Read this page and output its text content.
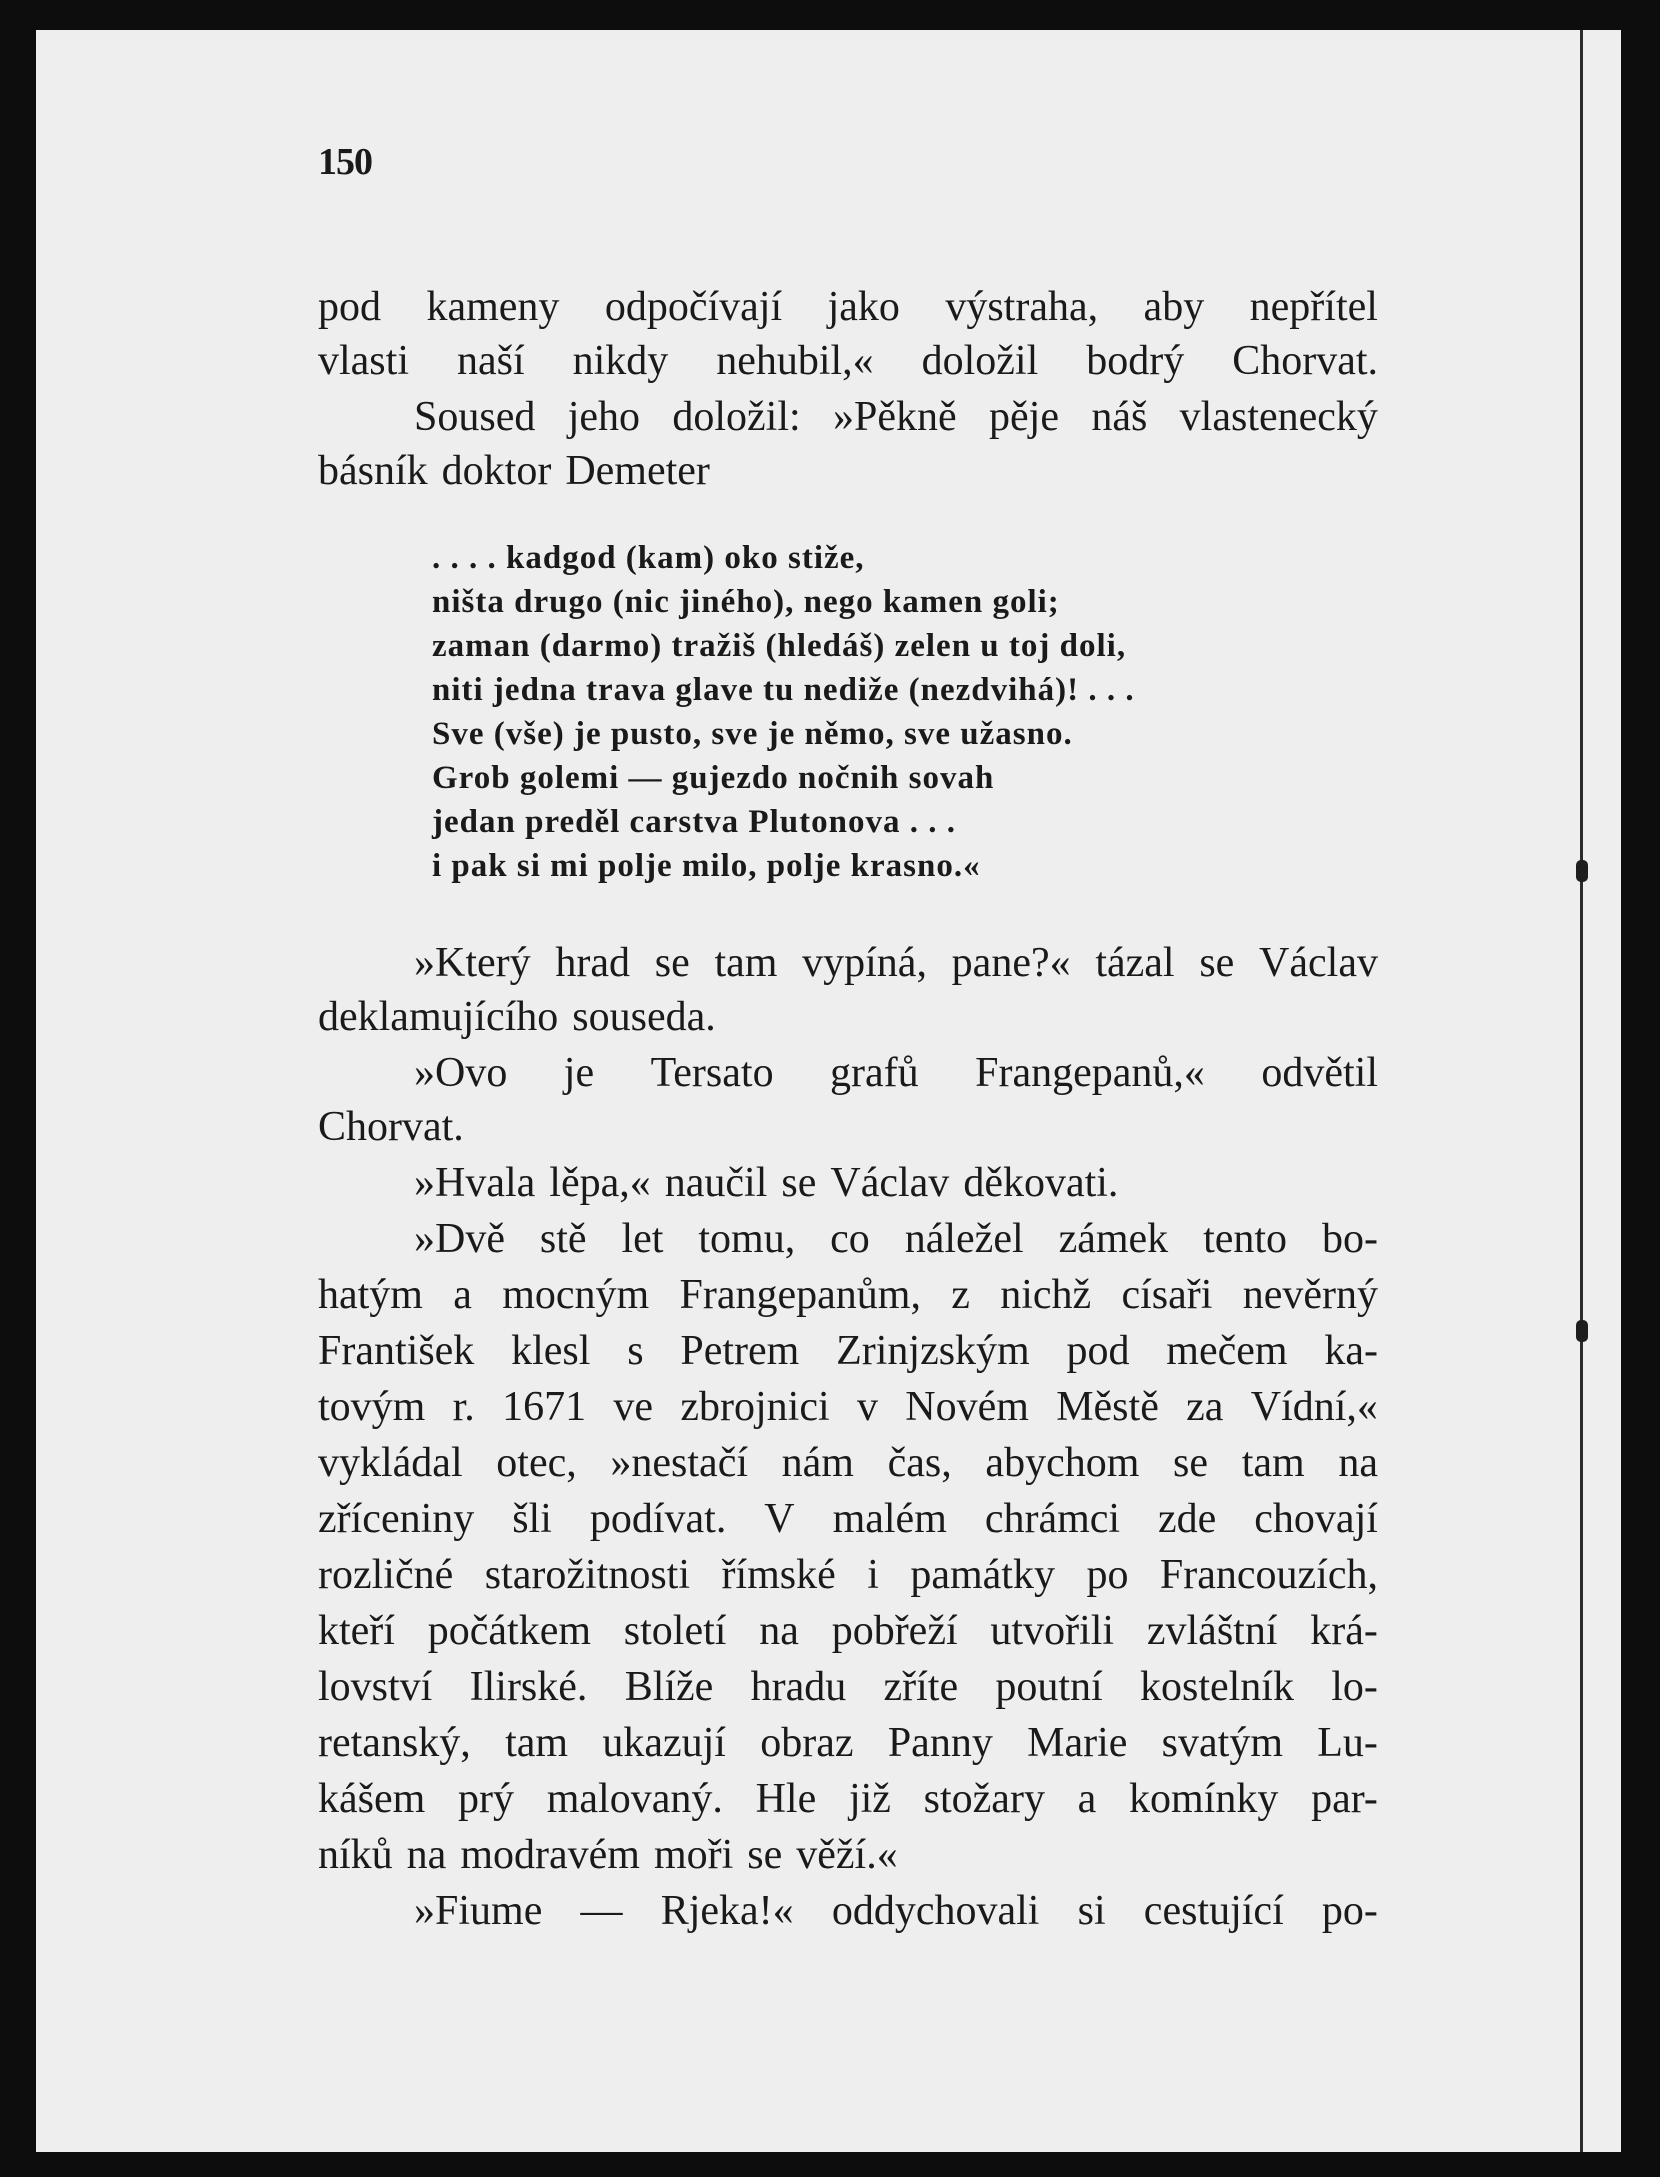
150
pod kameny odpočívají jako výstraha, aby nepřítel
vlasti naší nikdy nehubil,« doložil bodrý Chorvat.
Soused jeho doložil: »Pěkně pěje náš vlastenecký
básník doktor Demeter
. . . . kadgod (kam) oko stiže,
ništa drugo (nic jiného), nego kamen goli;
zaman (darmo) tražiš (hledáš) zelen u toj doli,
niti jedna trava glave tu nediže (nezdvihá)! . . .
Sve (vše) je pusto, sve je němo, sve užasno.
Grob golemi — gujezdo nočnih sovah
jedan preděl carstva Plutonova . . .
i pak si mi polje milo, polje krasno.«
»Který hrad se tam vypíná, pane?« tázal se Václav
deklamujícího souseda.
»Ovo je Tersato grafů Frangepanů,« odvětil
Chorvat.
»Hvala lěpa,« naučil se Václav děkovati.
»Dvě stě let tomu, co náležel zámek tento bo-
hatým a mocným Frangepanům, z nichž císaři nevěrný
František klesl s Petrem Zrinjzským pod mečem ka-
tovým r. 1671 ve zbrojnici v Novém Městě za Vídní,«
vykládal otec, »nestačí nám čas, abychom se tam na
zříceniny šli podívat. V malém chrámci zde chovají
rozličné starožitnosti římské i památky po Francouzích,
kteří počátkem století na pobřeží utvořili zvláštní krá-
lovství Ilirské. Blíže hradu zříte poutní kostelník lo-
retanský, tam ukazují obraz Panny Marie svatým Lu-
kášem prý malovaný. Hle již stožary a komínky par-
níků na modravém moři se věží.«
»Fiume — Rjeka!« oddychovali si cestující po-
